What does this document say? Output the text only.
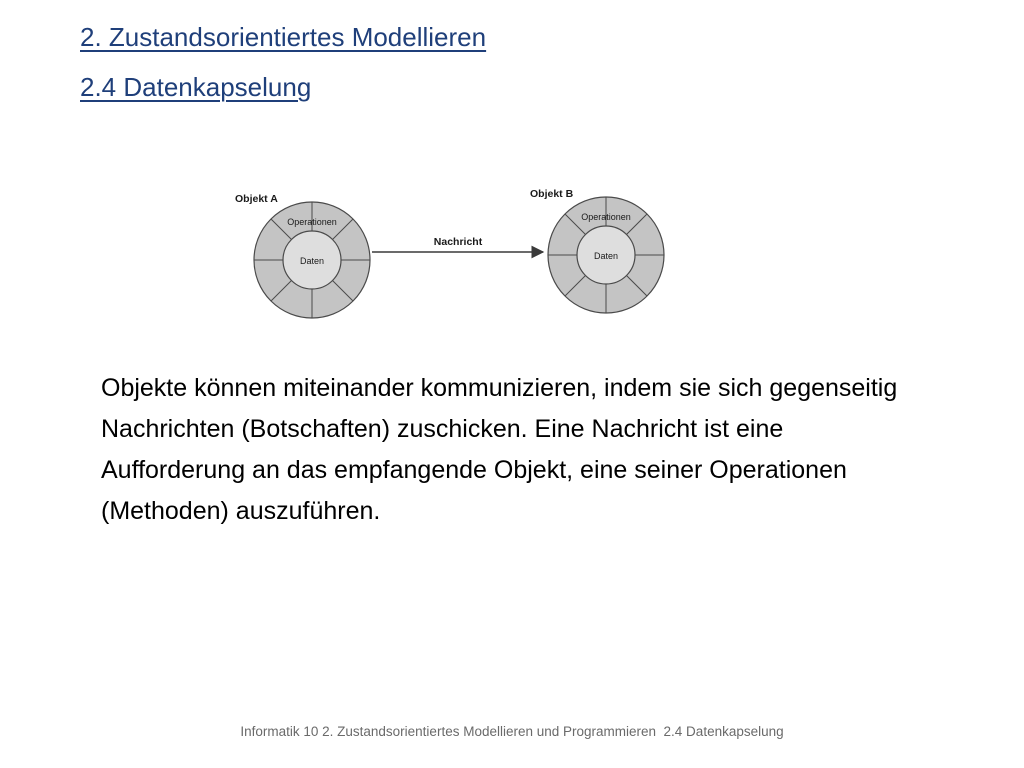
2. Zustandsorientiertes Modellieren
2.4 Datenkapselung
Objekt A
Operationen
Daten
Nachricht
Objekt B
Operationen
Daten

Objekte können miteinander kommunizieren, indem sie sich gegenseitig Nachrichten (Botschaften) zuschicken. Eine Nachricht ist eine Aufforderung an das empfangende Objekt, eine seiner Operationen (Methoden) auszuführen.

Informatik 10 2. Zustandsorientiertes Modellieren und Programmieren  2.4 Datenkapselung
